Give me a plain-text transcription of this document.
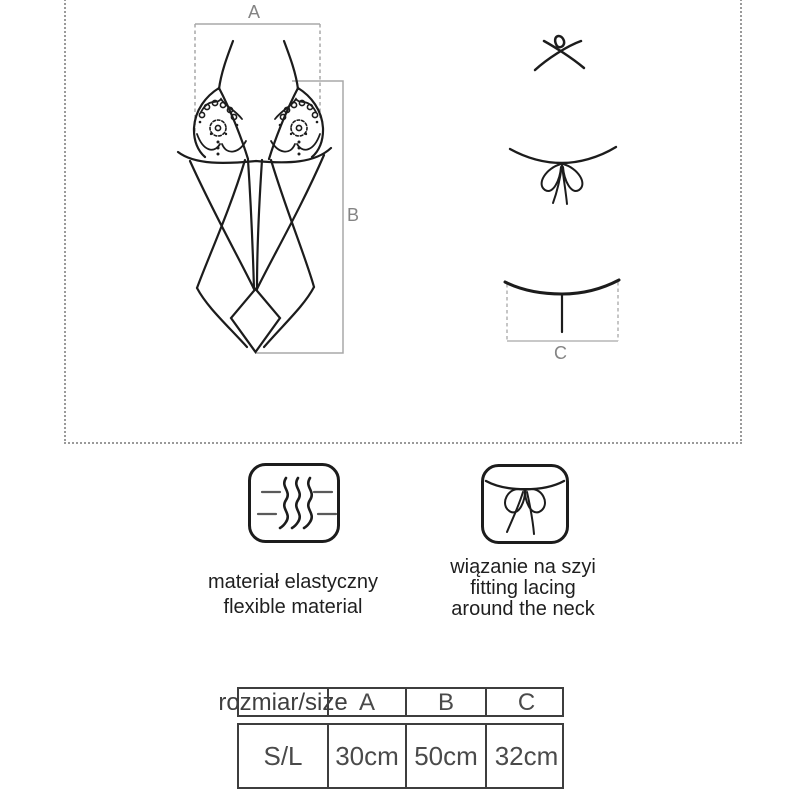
A
B
C
materiał elastyczny
flexible material
wiązanie na szyi
fitting lacing
around the neck
rozmiar/size A	B	C
S/L	30cm 50cm 32cm
